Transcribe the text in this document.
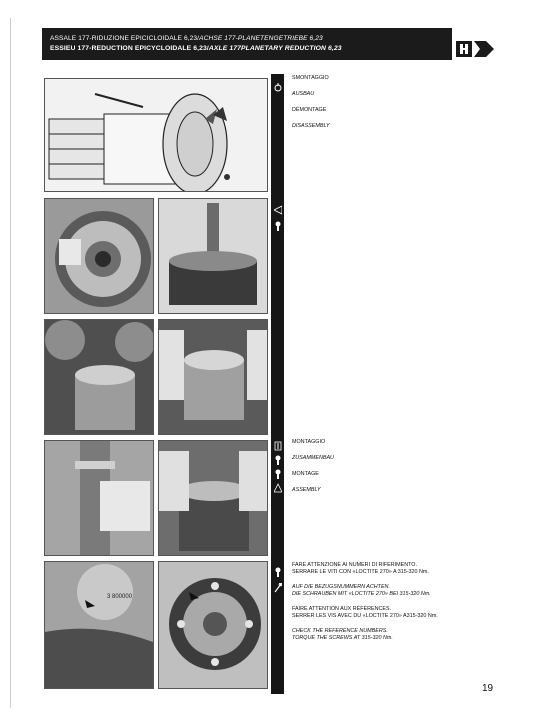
ASSALE 177-RIDUZIONE EPICICLOIDALE 6,23/ACHSE 177-PLANETENGETRIEBE 6,23
ESSIEU 177-REDUCTION EPICYCLOIDALE 6,23/AXLE 177PLANETARY REDUCTION 6,23
3 800000
SMONTAGGIO
AUSBAU
DÉMONTAGE
DISASSEMBLY
MONTAGGIO
ZUSAMMENBAU
MONTAGE
ASSEMBLY
FARE ATTENZIONE AI NUMERI DI RIFERIMENTO.
SERRARE LE VITI CON «LOCTITE 270» A 315-320 Nm.
AUF DIE BEZUGSNUMMERN ACHTEN.
DIE SCHRAUBEN MIT «LOCTITE 270» BEI 315-320 Nm.
FAIRE ATTENTION AUX RÉFÉRENCES.
SERRER LES VIS AVEC DU «LOCTITE 270» A315-320 Nm.
CHECK THE REFERENCE NUMBERS.
TORQUE THE SCREWS AT 315-320 Nm.
19
